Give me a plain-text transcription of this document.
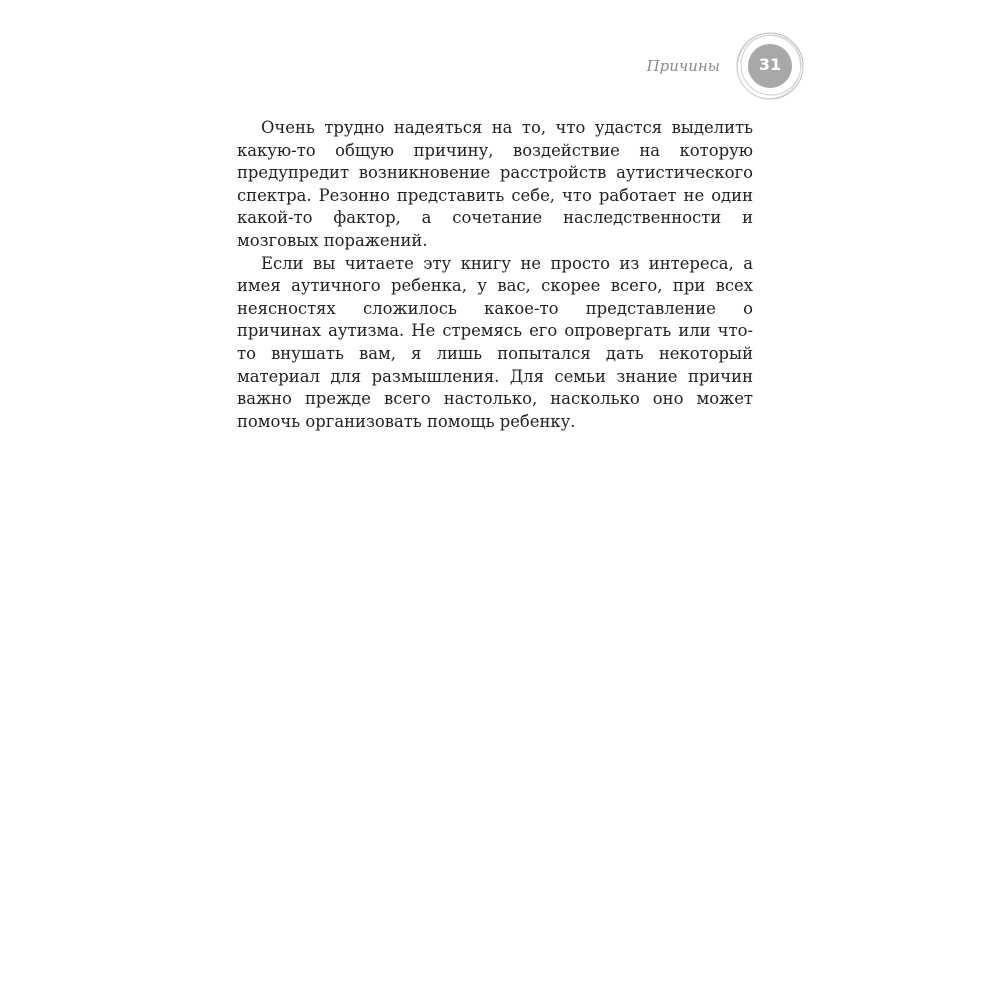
Причины	31

Очень трудно надеяться на то, что удастся выделить какую-то общую причину, воздействие на которую предупредит возникновение расстройств аутистического спектра. Резонно представить себе, что работает не один какой-то фактор, а сочетание наследственности и мозговых поражений.

Если вы читаете эту книгу не просто из интереса, а имея аутичного ребенка, у вас, скорее всего, при всех неясностях сложилось какое-то представление о причинах аутизма. Не стремясь его опровергать или что-то внушать вам, я лишь попытался дать некоторый материал для размышления. Для семьи знание причин важно прежде всего настолько, насколько оно может помочь организовать помощь ребенку.
